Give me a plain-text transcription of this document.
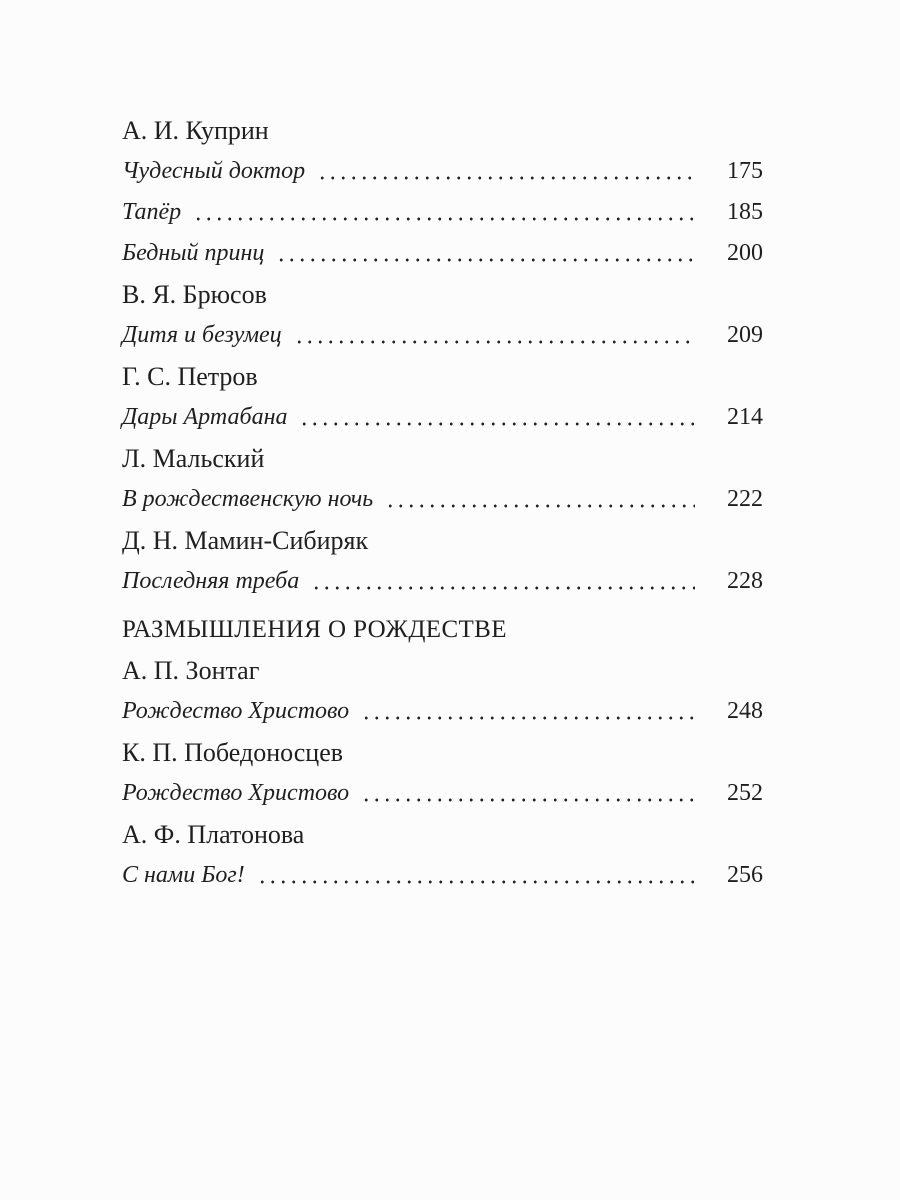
А. И. Куприн
Чудесный доктор	175
Тапёр	185
Бедный принц	200
В. Я. Брюсов
Дитя и безумец	209
Г. С. Петров
Дары Артабана	214
Л. Мальский
В рождественскую ночь	222
Д. Н. Мамин-Сибиряк
Последняя треба	228
РАЗМЫШЛЕНИЯ О РОЖДЕСТВЕ
А. П. Зонтаг
Рождество Христово	248
К. П. Победоносцев
Рождество Христово	252
А. Ф. Платонова
С нами Бог!	256
